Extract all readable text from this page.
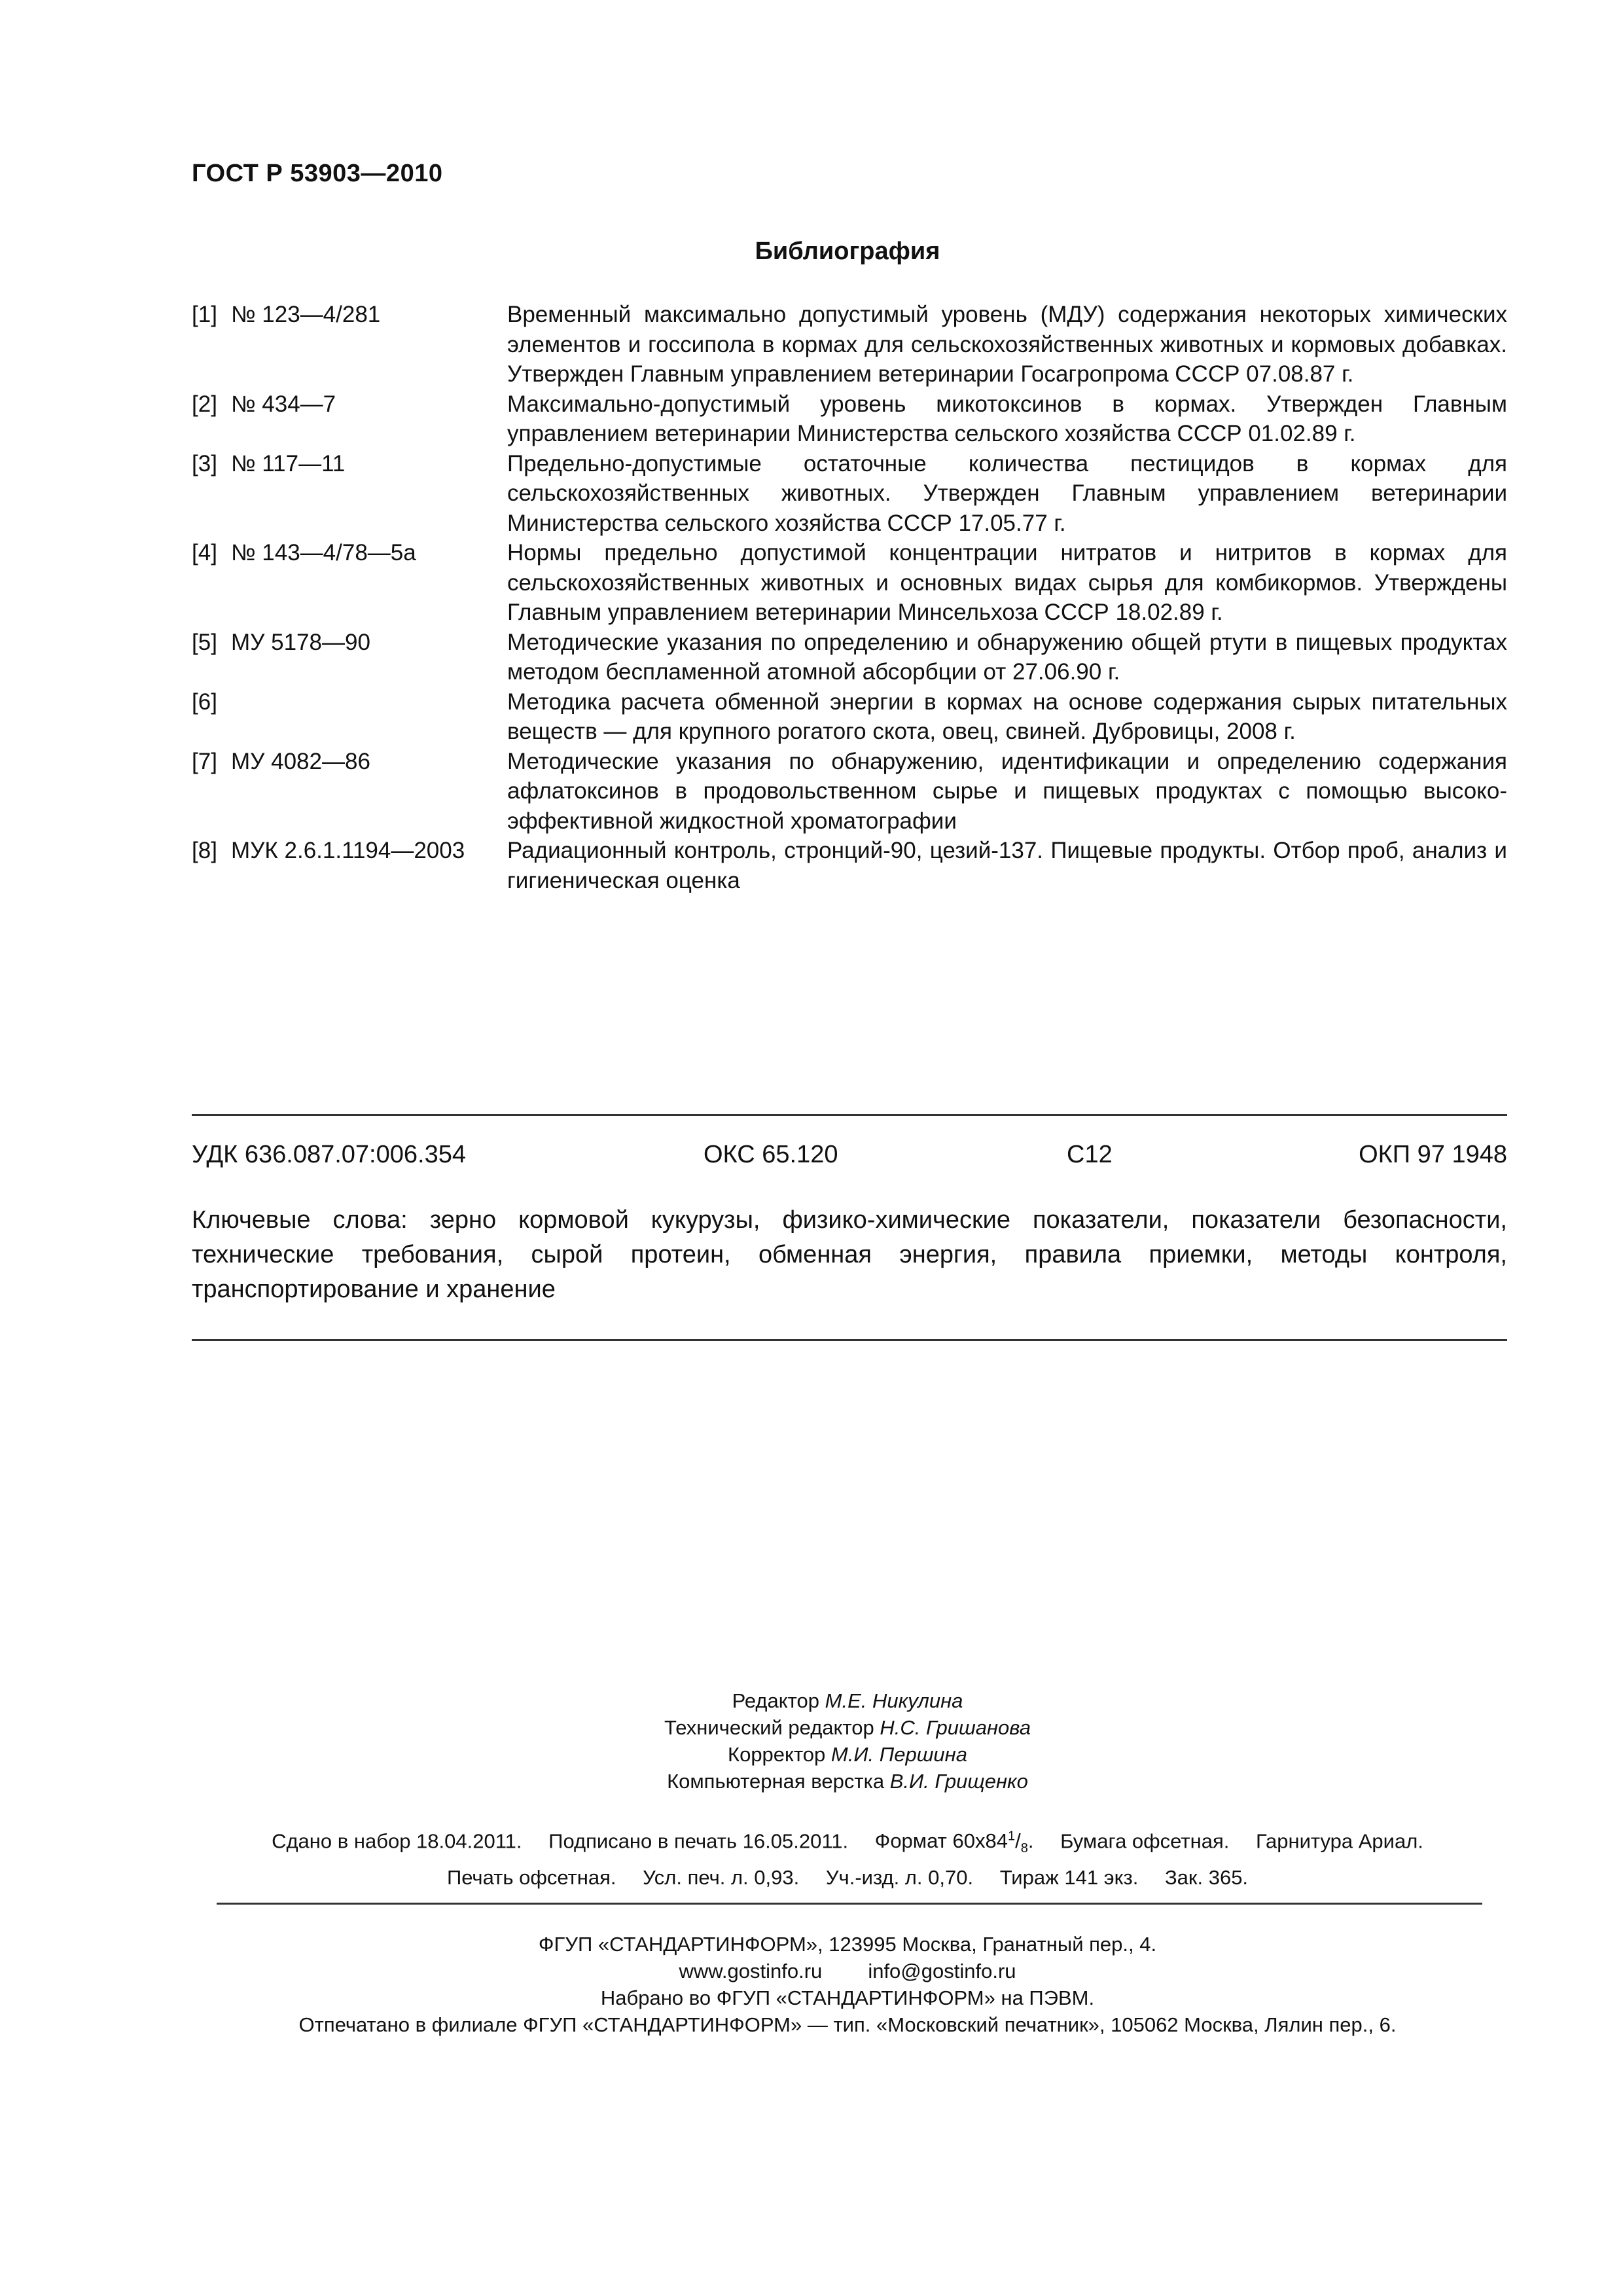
ГОСТ Р 53903—2010
Библиография
[1] № 123—4/281	Временный максимально допустимый уровень (МДУ) содержания некоторых химических элементов и госсипола в кормах для сельскохозяйственных животных и кормовых добавках. Утвержден Главным управлением ветеринарии Госагропрома СССР 07.08.87 г.
[2] № 434—7	Максимально-допустимый уровень микотоксинов в кормах. Утвержден Главным управлением ветеринарии Министерства сельского хозяйства СССР 01.02.89 г.
[3] № 117—11	Предельно-допустимые остаточные количества пестицидов в кормах для сельскохозяйственных животных. Утвержден Главным управлением ветеринарии Министерства сельского хозяйства СССР 17.05.77 г.
[4] № 143—4/78—5а	Нормы предельно допустимой концентрации нитратов и нитритов в кормах для сельскохозяйственных животных и основных видах сырья для комбикормов. Утверждены Главным управлением ветеринарии Минсельхоза СССР 18.02.89 г.
[5] МУ 5178—90	Методические указания по определению и обнаружению общей ртути в пищевых продуктах методом беспламенной атомной абсорбции от 27.06.90 г.
[6]	Методика расчета обменной энергии в кормах на основе содержания сырых питательных веществ — для крупного рогатого скота, овец, свиней. Дубровицы, 2008 г.
[7] МУ 4082—86	Методические указания по обнаружению, идентификации и определению содержания афлатоксинов в продовольственном сырье и пищевых продуктах с помощью высоко-эффективной жидкостной хроматографии
[8] МУК 2.6.1.1194—2003	Радиационный контроль, стронций-90, цезий-137. Пищевые продукты. Отбор проб, анализ и гигиеническая оценка
УДК 636.087.07:006.354	ОКС 65.120	С12	ОКП 97 1948
Ключевые слова: зерно кормовой кукурузы, физико-химические показатели, показатели безопасности, технические требования, сырой протеин, обменная энергия, правила приемки, методы контроля, транспортирование и хранение
Редактор М.Е. Никулина
Технический редактор Н.С. Гришанова
Корректор М.И. Першина
Компьютерная верстка В.И. Грищенко
Сдано в набор 18.04.2011. Подписано в печать 16.05.2011. Формат $60х84^1/_8$. Бумага офсетная. Гарнитура Ариал.
Печать офсетная. Усл. печ. л. 0,93. Уч.-изд. л. 0,70. Тираж 141 экз. Зак. 365.
ФГУП «СТАНДАРТИНФОРМ», 123995 Москва, Гранатный пер., 4.
www.gostinfo.ru info@gostinfo.ru
Набрано во ФГУП «СТАНДАРТИНФОРМ» на ПЭВМ.
Отпечатано в филиале ФГУП «СТАНДАРТИНФОРМ» — тип. «Московский печатник», 105062 Москва, Лялин пер., 6.
